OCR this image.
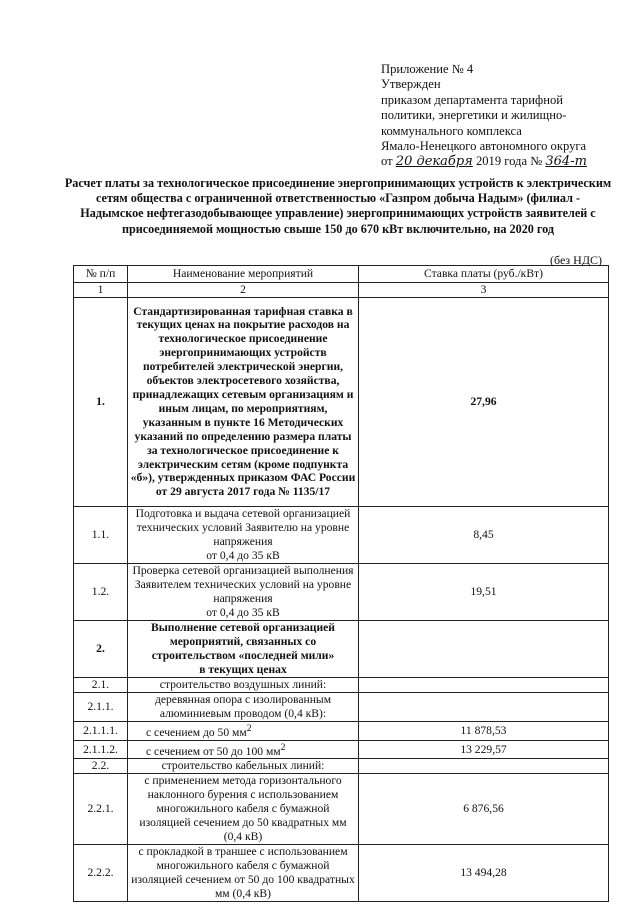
Приложение № 4
Утвержден
приказом департамента тарифной
политики, энергетики и жилищно-
коммунального комплекса
Ямало-Ненецкого автономного округа
от 20 декабря 2019 года № 364-т
Расчет платы за технологическое присоединение энергопринимающих устройств к электрическим сетям общества с ограниченной ответственностью «Газпром добыча Надым» (филиал - Надымское нефтегазодобывающее управление) энергопринимающих устройств заявителей с присоединяемой мощностью свыше 150 до 670 кВт включительно, на 2020 год
(без НДС)
№ п/п	Наименование мероприятий	Ставка платы (руб./кВт)
1	2	3
1.	Стандартизированная тарифная ставка в текущих ценах на покрытие расходов на технологическое присоединение энергопринимающих устройств потребителей электрической энергии, объектов электросетевого хозяйства, принадлежащих сетевым организациям и иным лицам, по мероприятиям, указанным в пункте 16 Методических указаний по определению размера платы за технологическое присоединение к электрическим сетям (кроме подпункта «б»), утвержденных приказом ФАС России от 29 августа 2017 года № 1135/17	27,96
1.1.	Подготовка и выдача сетевой организацией технических условий Заявителю на уровне напряжения
от 0,4 до 35 кВ	8,45
1.2.	Проверка сетевой организацией выполнения Заявителем технических условий на уровне напряжения
от 0,4 до 35 кВ	19,51
2.	Выполнение сетевой организацией мероприятий, связанных со строительством «последней мили»
в текущих ценах	
2.1.	строительство воздушных линий:	
2.1.1.	деревянная опора с изолированным алюминиевым проводом (0,4 кВ):	
2.1.1.1.	с сечением до 50 $мм^2$	11 878,53
2.1.1.2.	с сечением от 50 до 100 $мм^2$	13 229,57
2.2.	строительство кабельных линий:	
2.2.1.	с применением метода горизонтального наклонного бурения с использованием многожильного кабеля с бумажной изоляцией сечением до 50 квадратных мм (0,4 кВ)	6 876,56
2.2.2.	с прокладкой в траншее с использованием многожильного кабеля с бумажной изоляцией сечением от 50 до 100 квадратных мм (0,4 кВ)	13 494,28
